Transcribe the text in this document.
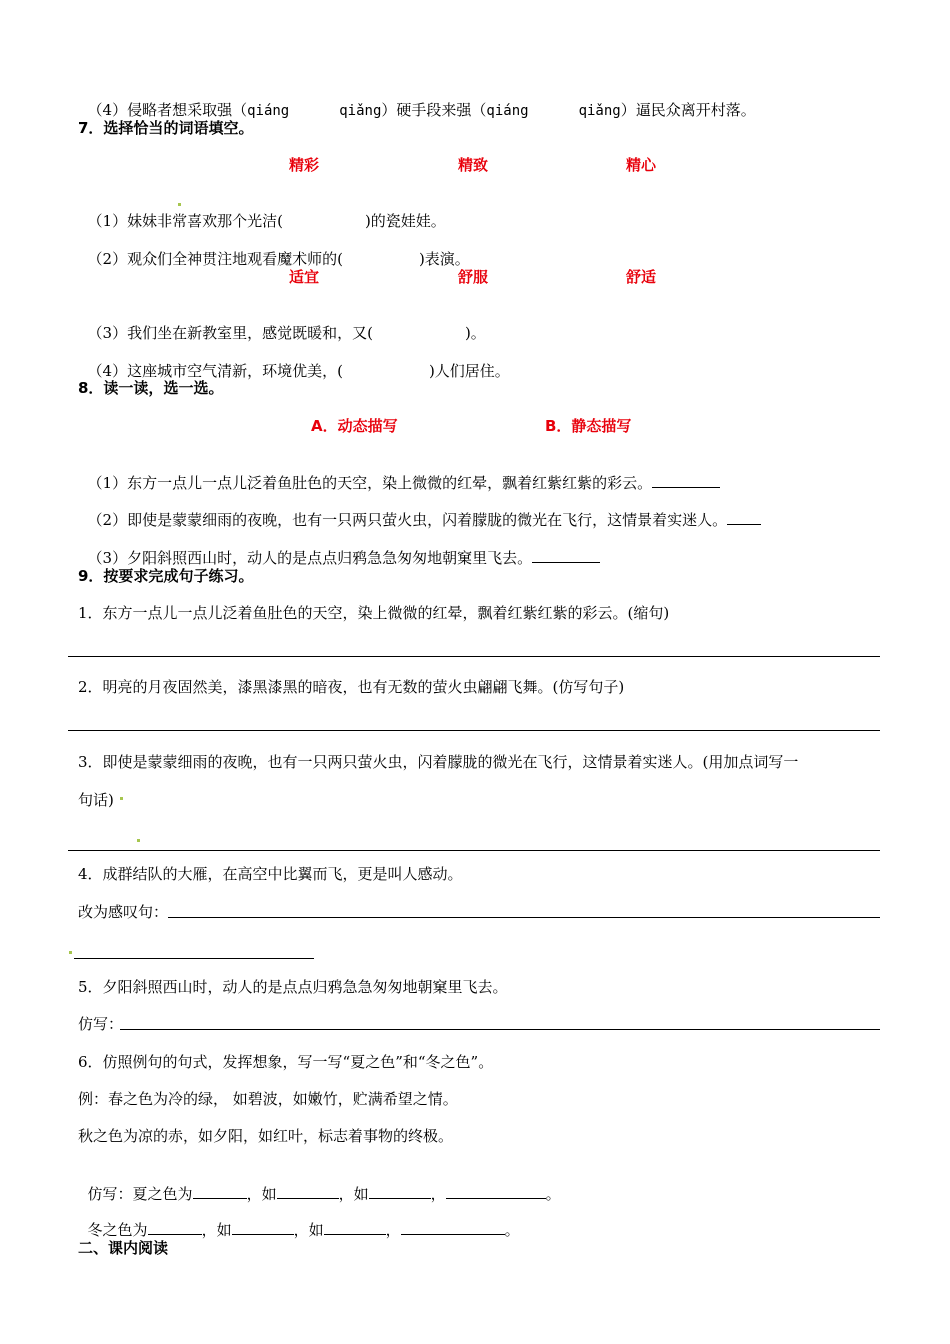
（4）侵略者想采取强（qiáng	qiǎng）硬手段来强（qiáng	qiǎng）逼民众离开村落。

7．选择恰当的词语填空。
精彩	精致	精心

（1）妹妹非常喜欢那个光洁(	)的瓷娃娃。

（2）观众们全神贯注地观看魔术师的(	)表演。

适宜	舒服	舒适

（3）我们坐在新教室里，感觉既暖和，又(	)。

（4）这座城市空气清新，环境优美，(	)人们居住。

8．读一读，选一选。
A．动态描写	B．静态描写

（1）东方一点儿一点儿泛着鱼肚色的天空，染上微微的红晕，飘着红紫红紫的彩云。

（2）即使是蒙蒙细雨的夜晚，也有一只两只萤火虫，闪着朦胧的微光在飞行，这情景着实迷人。

（3）夕阳斜照西山时，动人的是点点归鸦急急匆匆地朝窠里飞去。

9．按要求完成句子练习。
1．东方一点儿一点儿泛着鱼肚色的天空，染上微微的红晕，飘着红紫红紫的彩云。(缩句)
2．明亮的月夜固然美，漆黑漆黑的暗夜，也有无数的萤火虫翩翩飞舞。(仿写句子)
3．即使是蒙蒙细雨的夜晚，也有一只两只萤火虫，闪着朦胧的微光在飞行，这情景着实迷人。(用加点词写一
句话)
4．成群结队的大雁，在高空中比翼而飞，更是叫人感动。
改为感叹句：
5．夕阳斜照西山时，动人的是点点归鸦急急匆匆地朝窠里飞去。
仿写：
6．仿照例句的句式，发挥想象，写一写“夏之色”和“冬之色”。
例：春之色为冷的绿， 如碧波，如嫩竹，贮满希望之情。
秋之色为凉的赤，如夕阳，如红叶，标志着事物的终极。

仿写：夏之色为	，如	，如	，	。

冬之色为	，如	，如	，	。

二、课内阅读
